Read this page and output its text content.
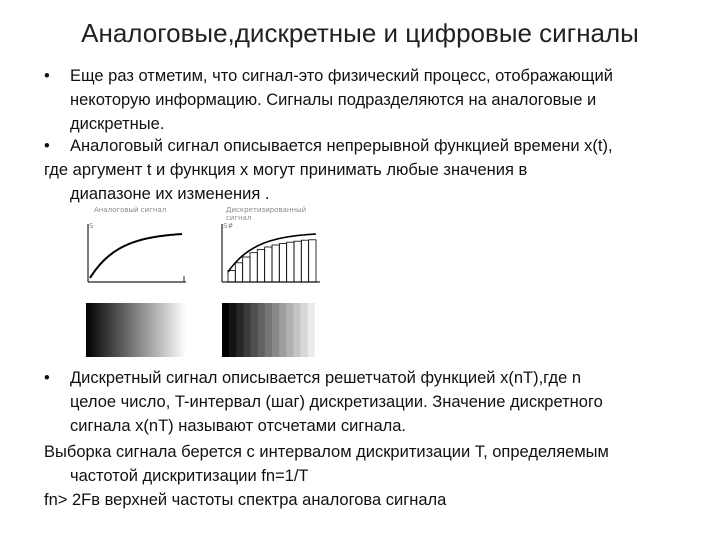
Аналоговые,дискретные и цифровые сигналы
• Еще раз отметим, что сигнал-это физический процесс, отображающий
некоторую информацию. Сигналы подразделяются на аналоговые и
дискретные.
• Аналоговый сигнал описывается непрерывной функцией времени x(t),
где аргумент t и функция x могут принимать любые значения в
диапазоне их изменения .
Аналоговый сигнал
S
Дискретизированный сигнал
S#
• Дискретный сигнал описывается решетчатой функцией x(nT),где n
целое число, T-интервал (шаг) дискретизации. Значение дискретного
сигнала x(nT) называют отсчетами сигнала.
Выборка сигнала берется с интервалом дискритизации T, определяемым
частотой дискритизации fn=1/T
fn> 2Fв верхней частоты спектра аналогова сигнала
